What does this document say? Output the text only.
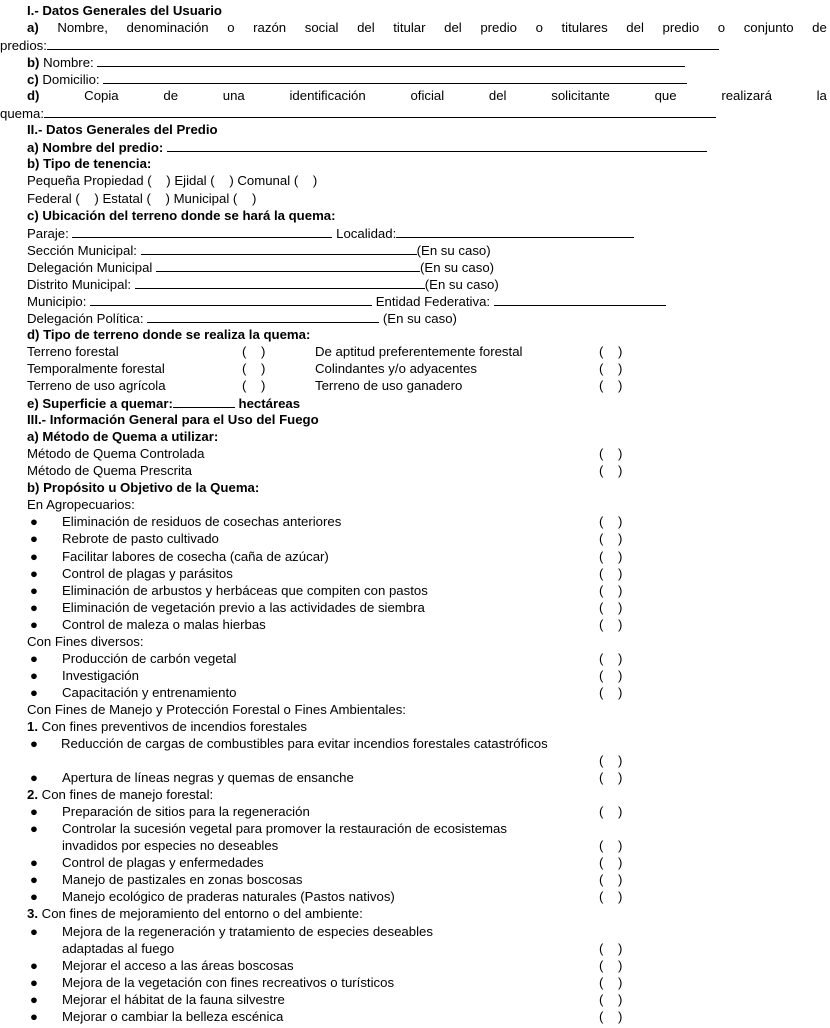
I.- Datos Generales del Usuario
a) Nombre, denominación o razón social del titular del predio o titulares del predio o conjunto de
predios:
b) Nombre:
c) Domicilio:
d)	Copia	de	una	identificación	oficial	del	solicitante	que	realizará	la
quema:
II.- Datos Generales del Predio
a) Nombre del predio:
b) Tipo de tenencia:
Pequeña Propiedad (    ) Ejidal (    ) Comunal (    )
Federal (    ) Estatal (    ) Municipal (    )
c) Ubicación del terreno donde se hará la quema:
Paraje:	Localidad:
Sección Municipal:	(En su caso)
Delegación Municipal	(En su caso)
Distrito Municipal:	(En su caso)
Municipio:	Entidad Federativa:
Delegación Política:	(En su caso)
d) Tipo de terreno donde se realiza la quema:
Terreno forestal	(    )	De aptitud preferentemente forestal	(    )
Temporalmente forestal	(    )	Colindantes y/o adyacentes	(    )
Terreno de uso agrícola	(    )	Terreno de uso ganadero	(    )
e) Superficie a quemar:	hectáreas
III.- Información General para el Uso del Fuego
a) Método de Quema a utilizar:
Método de Quema Controlada	(    )
Método de Quema Prescrita	(    )
b) Propósito u Objetivo de la Quema:
En Agropecuarios:
● Eliminación de residuos de cosechas anteriores	(    )
● Rebrote de pasto cultivado	(    )
● Facilitar labores de cosecha (caña de azúcar)	(    )
● Control de plagas y parásitos	(    )
● Eliminación de arbustos y herbáceas que compiten con pastos	(    )
● Eliminación de vegetación previo a las actividades de siembra	(    )
● Control de maleza o malas hierbas	(    )
Con Fines diversos:
● Producción de carbón vegetal	(    )
● Investigación	(    )
● Capacitación y entrenamiento	(    )
Con Fines de Manejo y Protección Forestal o Fines Ambientales:
1. Con fines preventivos de incendios forestales
● Reducción de cargas de combustibles para evitar incendios forestales catastróficos
(    )
● Apertura de líneas negras y quemas de ensanche	(    )
2. Con fines de manejo forestal:
● Preparación de sitios para la regeneración	(    )
● Controlar la sucesión vegetal para promover la restauración de ecosistemas
invadidos por especies no deseables	(    )
● Control de plagas y enfermedades	(    )
● Manejo de pastizales en zonas boscosas	(    )
● Manejo ecológico de praderas naturales (Pastos nativos)	(    )
3. Con fines de mejoramiento del entorno o del ambiente:
● Mejora de la regeneración y tratamiento de especies deseables
adaptadas al fuego	(    )
● Mejorar el acceso a las áreas boscosas	(    )
● Mejora de la vegetación con fines recreativos o turísticos	(    )
● Mejorar el hábitat de la fauna silvestre	(    )
● Mejorar o cambiar la belleza escénica	(    )
